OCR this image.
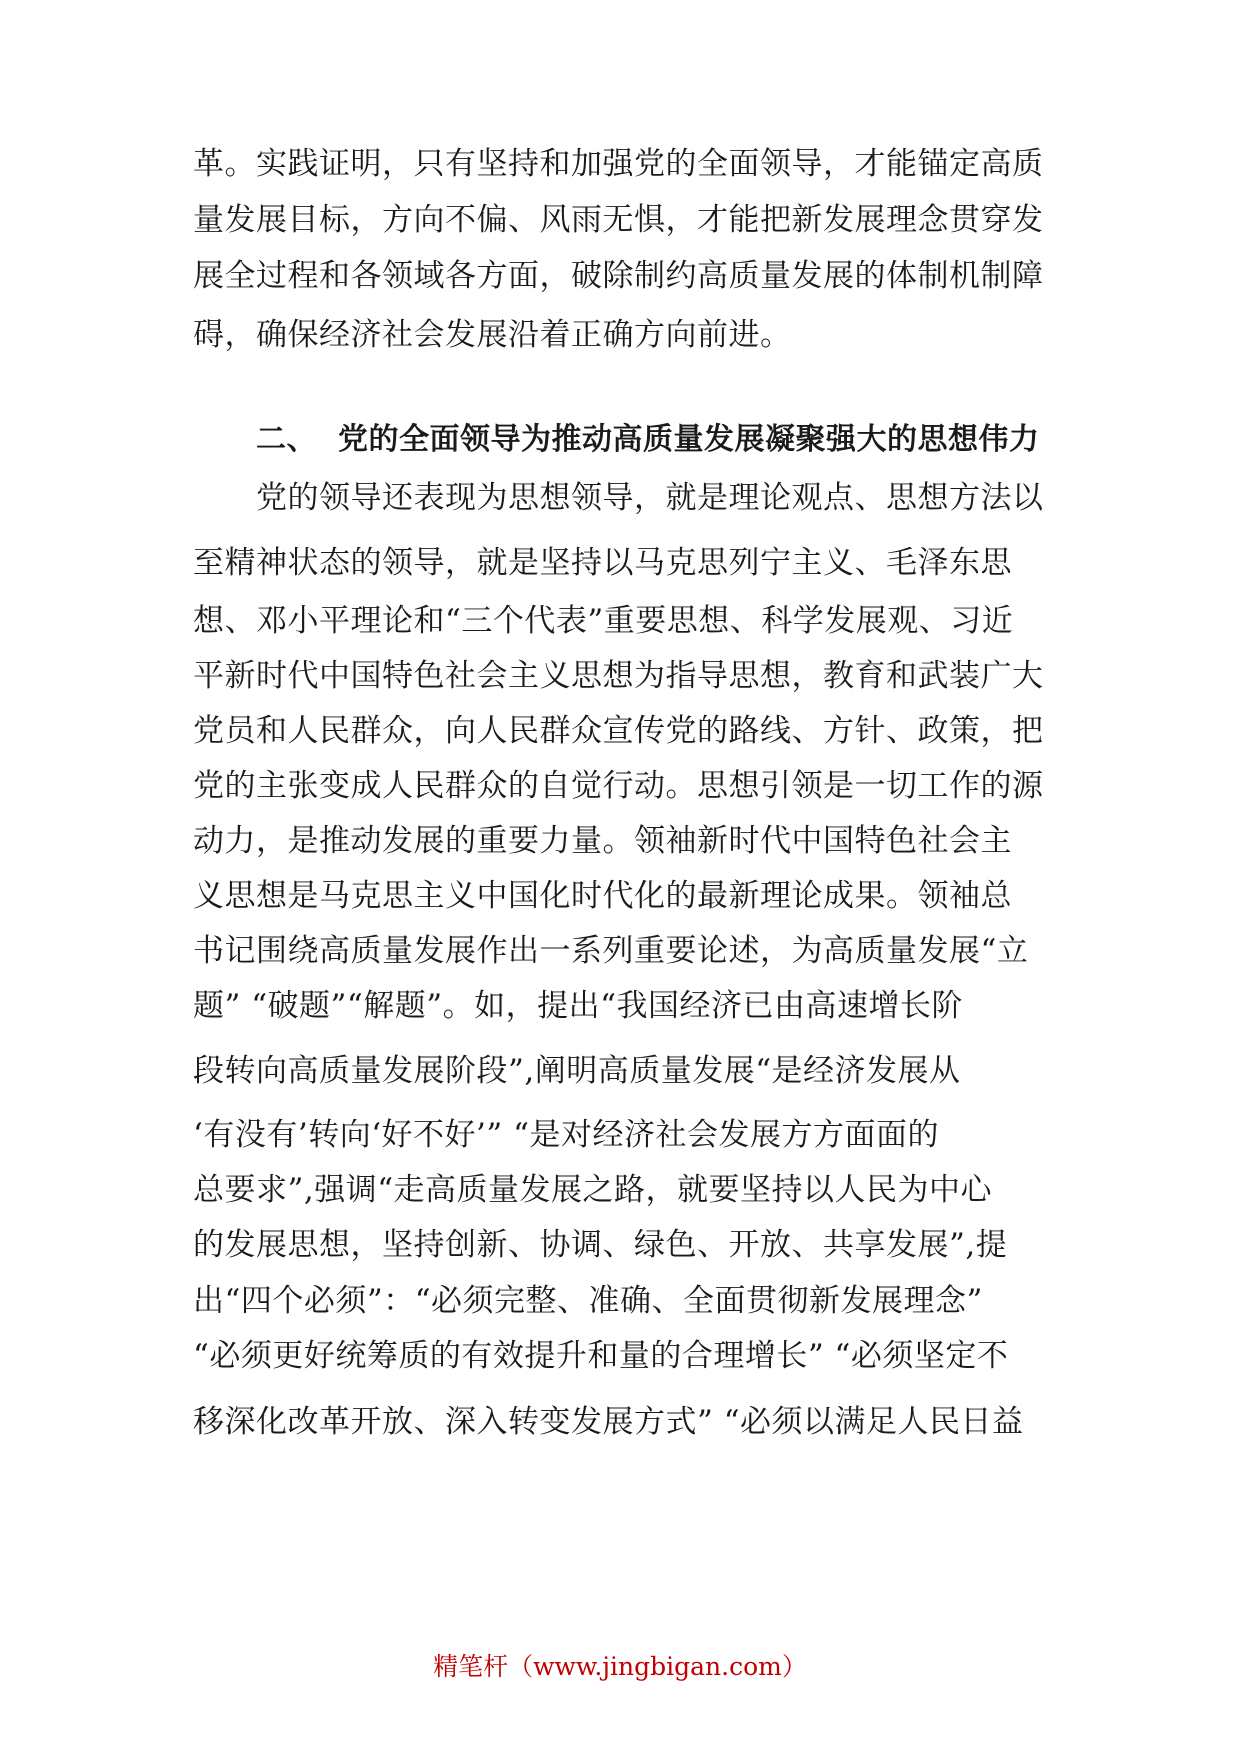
革。实践证明，只有坚持和加强党的全面领导，才能锚定高质
量发展目标，方向不偏、风雨无惧，才能把新发展理念贯穿发
展全过程和各领域各方面，破除制约高质量发展的体制机制障
碍，确保经济社会发展沿着正确方向前进。
二、 党的全面领导为推动高质量发展凝聚强大的思想伟力
党的领导还表现为思想领导，就是理论观点、思想方法以
至精神状态的领导，就是坚持以马克思列宁主义、毛泽东思
想、邓小平理论和“三个代表”重要思想、科学发展观、习近
平新时代中国特色社会主义思想为指导思想，教育和武装广大
党员和人民群众，向人民群众宣传党的路线、方针、政策，把
党的主张变成人民群众的自觉行动。思想引领是一切工作的源
动力，是推动发展的重要力量。领袖新时代中国特色社会主
义思想是马克思主义中国化时代化的最新理论成果。领袖总
书记围绕高质量发展作出一系列重要论述，为高质量发展“立
题” “破题”“解题”。如，提出“我国经济已由高速增长阶
段转向高质量发展阶段”,阐明高质量发展“是经济发展从
‘有没有’转向‘好不好’” “是对经济社会发展方方面面的
总要求”,强调“走高质量发展之路，就要坚持以人民为中心
的发展思想，坚持创新、协调、绿色、开放、共享发展”,提
出“四个必须”：“必须完整、准确、全面贯彻新发展理念”
“必须更好统筹质的有效提升和量的合理增长” “必须坚定不
移深化改革开放、深入转变发展方式” “必须以满足人民日益
精笔杆（www.jingbigan.com）
